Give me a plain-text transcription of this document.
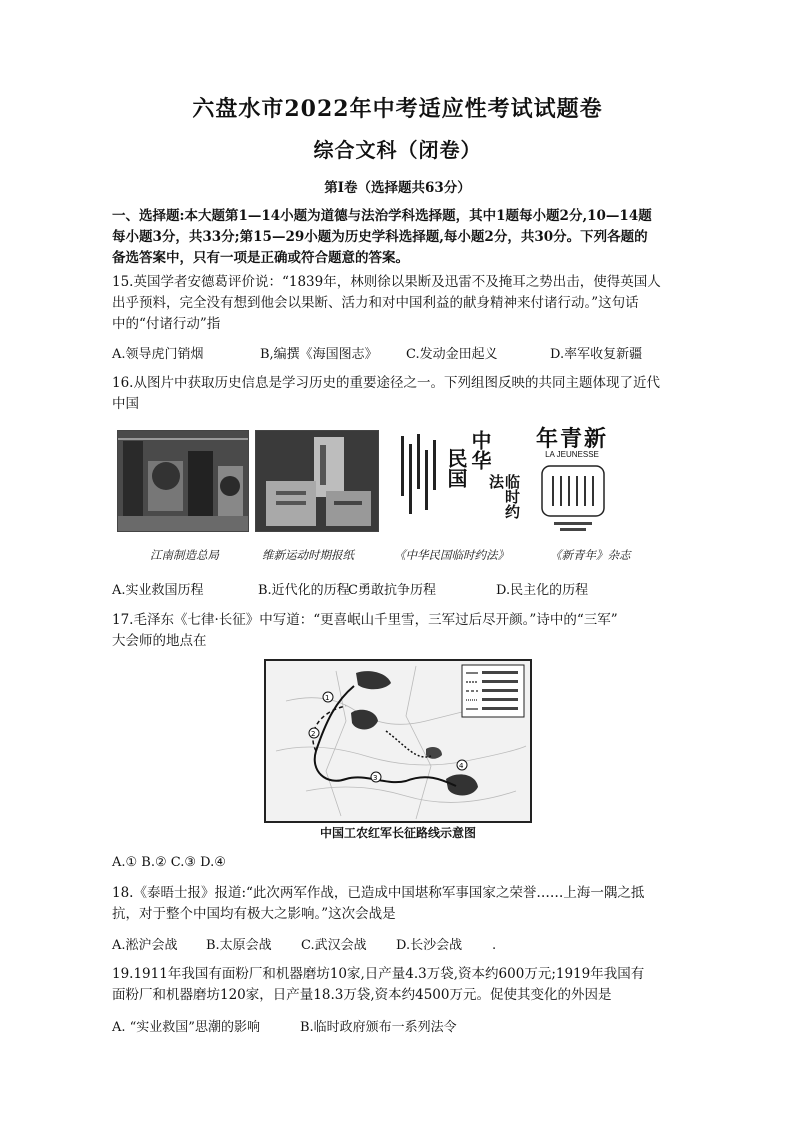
六盘水市2022年中考适应性考试试题卷
综合文科（闭卷）
第Ⅰ卷（选择题共63分）
一、选择题:本大题第1—14小题为道德与法治学科选择题，其中1题每小题2分,10—14题
每小题3分，共33分;第15—29小题为历史学科选择题,每小题2分，共30分。下列各题的
备选答案中，只有一项是正确或符合题意的答案。
15.英国学者安德葛评价说：“1839年，林则徐以果断及迅雷不及掩耳之势出击，使得英国人
出乎预料，完全没有想到他会以果断、活力和对中国利益的献身精神来付诸行动。”这句话
中的“付诸行动”指
A.领导虎门销烟	B,编撰《海国图志》 C.发动金田起义	D.率军收复新疆
16.从图片中获取历史信息是学习历史的重要途径之一。下列组图反映的共同主题体现了近代
中国
中华
民国
临时约法
新青年
LA JEUNESSE
江南制造总局	维新运动时期报纸	《中华民国临时约法》	《新青年》杂志
A.实业救国历程	B.近代化的历程C勇敢抗争历程	D.民主化的历程
17.毛泽东《七律·长征》中写道：“更喜岷山千里雪，三军过后尽开颜。”诗中的“三军”
大会师的地点在
1
2
3
4
中国工农红军长征路线示意图
A.① B.② C.③ D.④
18.《泰晤士报》报道:“此次两军作战，已造成中国堪称军事国家之荣誉……上海一隅之抵
抗，对于整个中国均有极大之影响。”这次会战是
A.淞沪会战 B.太原会战 C.武汉会战 D.长沙会战 .
19.1911年我国有面粉厂和机器磨坊10家,日产量4.3万袋,资本约600万元;1919年我国有
面粉厂和机器磨坊120家，日产量18.3万袋,资本约4500万元。促使其变化的外因是
A. “实业救国”思潮的影响	B.临时政府颁布一系列法令
